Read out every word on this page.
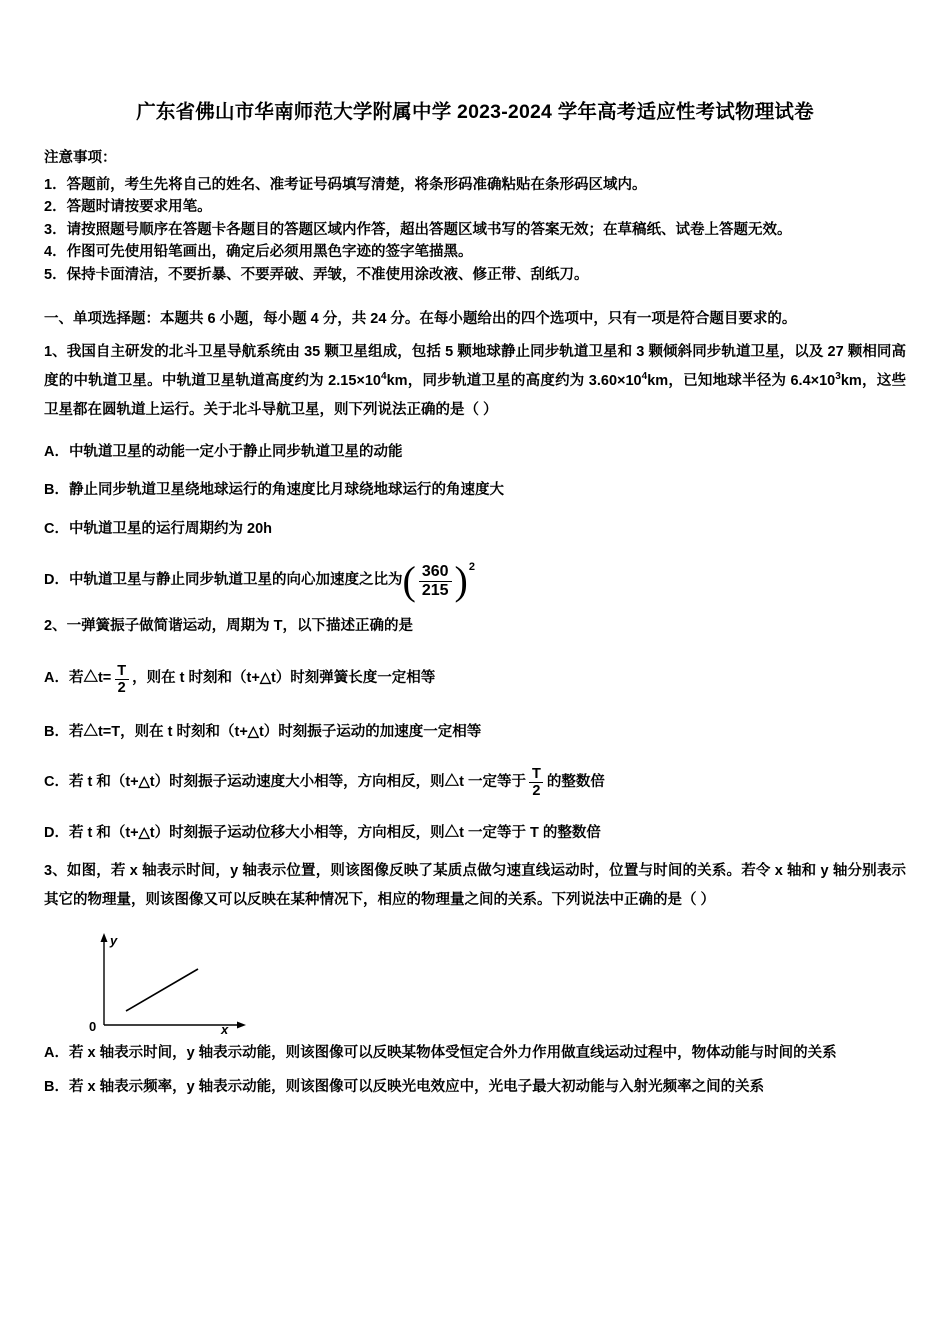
广东省佛山市华南师范大学附属中学 2023-2024 学年高考适应性考试物理试卷
注意事项：
1．答题前，考生先将自己的姓名、准考证号码填写清楚，将条形码准确粘贴在条形码区域内。
2．答题时请按要求用笔。
3．请按照题号顺序在答题卡各题目的答题区域内作答，超出答题区域书写的答案无效；在草稿纸、试卷上答题无效。
4．作图可先使用铅笔画出，确定后必须用黑色字迹的签字笔描黑。
5．保持卡面清洁，不要折暴、不要弄破、弄皱，不准使用涂改液、修正带、刮纸刀。
一、单项选择题：本题共 6 小题，每小题 4 分，共 24 分。在每小题给出的四个选项中，只有一项是符合题目要求的。
1、我国自主研发的北斗卫星导航系统由 35 颗卫星组成，包括 5 颗地球静止同步轨道卫星和 3 颗倾斜同步轨道卫星，以及 27 颗相同高度的中轨道卫星。中轨道卫星轨道高度约为 $2.15\times 10^4km$，同步轨道卫星的高度约为 $3.60\times 10^4km$，已知地球半径为 $6.4\times 10^3km$，这些卫星都在圆轨道上运行。关于北斗导航卫星，则下列说法正确的是（ ）
A．中轨道卫星的动能一定小于静止同步轨道卫星的动能
B．静止同步轨道卫星绕地球运行的角速度比月球绕地球运行的角速度大
C．中轨道卫星的运行周期约为 20h
D．中轨道卫星与静止同步轨道卫星的向心加速度之比为 ( $\frac{360}{215}$ ) 2
2、一弹簧振子做简谐运动，周期为 T，以下描述正确的是
A．若△t= $\frac{T}{2}$ ，则在 t 时刻和（t+△t）时刻弹簧长度一定相等
B．若△t=T，则在 t 时刻和（t+△t）时刻振子运动的加速度一定相等
C．若 t 和（t+△t）时刻振子运动速度大小相等，方向相反，则△t 一定等于 $\frac{T}{2}$ 的整数倍
D．若 t 和（t+△t）时刻振子运动位移大小相等，方向相反，则△t 一定等于 T 的整数倍
3、如图，若 x 轴表示时间，y 轴表示位置，则该图像反映了某质点做匀速直线运动时，位置与时间的关系。若令 x 轴和 y 轴分别表示其它的物理量，则该图像又可以反映在某种情况下，相应的物理量之间的关系。下列说法中正确的是（ ）
y
x
0
A．若 x 轴表示时间，y 轴表示动能，则该图像可以反映某物体受恒定合外力作用做直线运动过程中，物体动能与时间的关系
B．若 x 轴表示频率，y 轴表示动能，则该图像可以反映光电效应中，光电子最大初动能与入射光频率之间的关系
